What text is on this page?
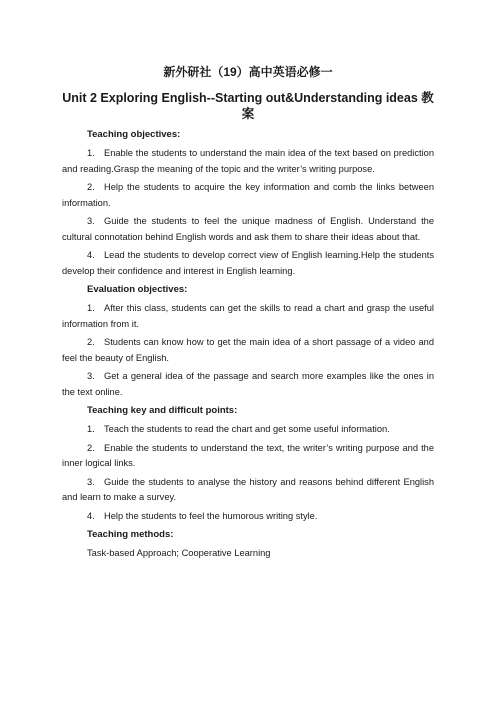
新外研社（19）高中英语必修一

Unit 2 Exploring English--Starting out&Understanding ideas 教案

Teaching objectives:

1. Enable the students to understand the main idea of the text based on prediction and reading.Grasp the meaning of the topic and the writer’s writing purpose.

2. Help the students to acquire the key information and comb the links between information.

3. Guide the students to feel the unique madness of English. Understand the cultural connotation behind English words and ask them to share their ideas about that.

4. Lead the students to develop correct view of English learning.Help the students develop their confidence and interest in English learning.

Evaluation objectives:

1. After this class, students can get the skills to read a chart and grasp the useful information from it.

2. Students can know how to get the main idea of a short passage of a video and feel the beauty of English.

3. Get a general idea of the passage and search more examples like the ones in the text online.

Teaching key and difficult points:

1. Teach the students to read the chart and get some useful information.

2. Enable the students to understand the text, the writer’s writing purpose and the inner logical links.

3. Guide the students to analyse the history and reasons behind different English and learn to make a survey.

4. Help the students to feel the humorous writing style.

Teaching methods:

Task-based Approach; Cooperative Learning
